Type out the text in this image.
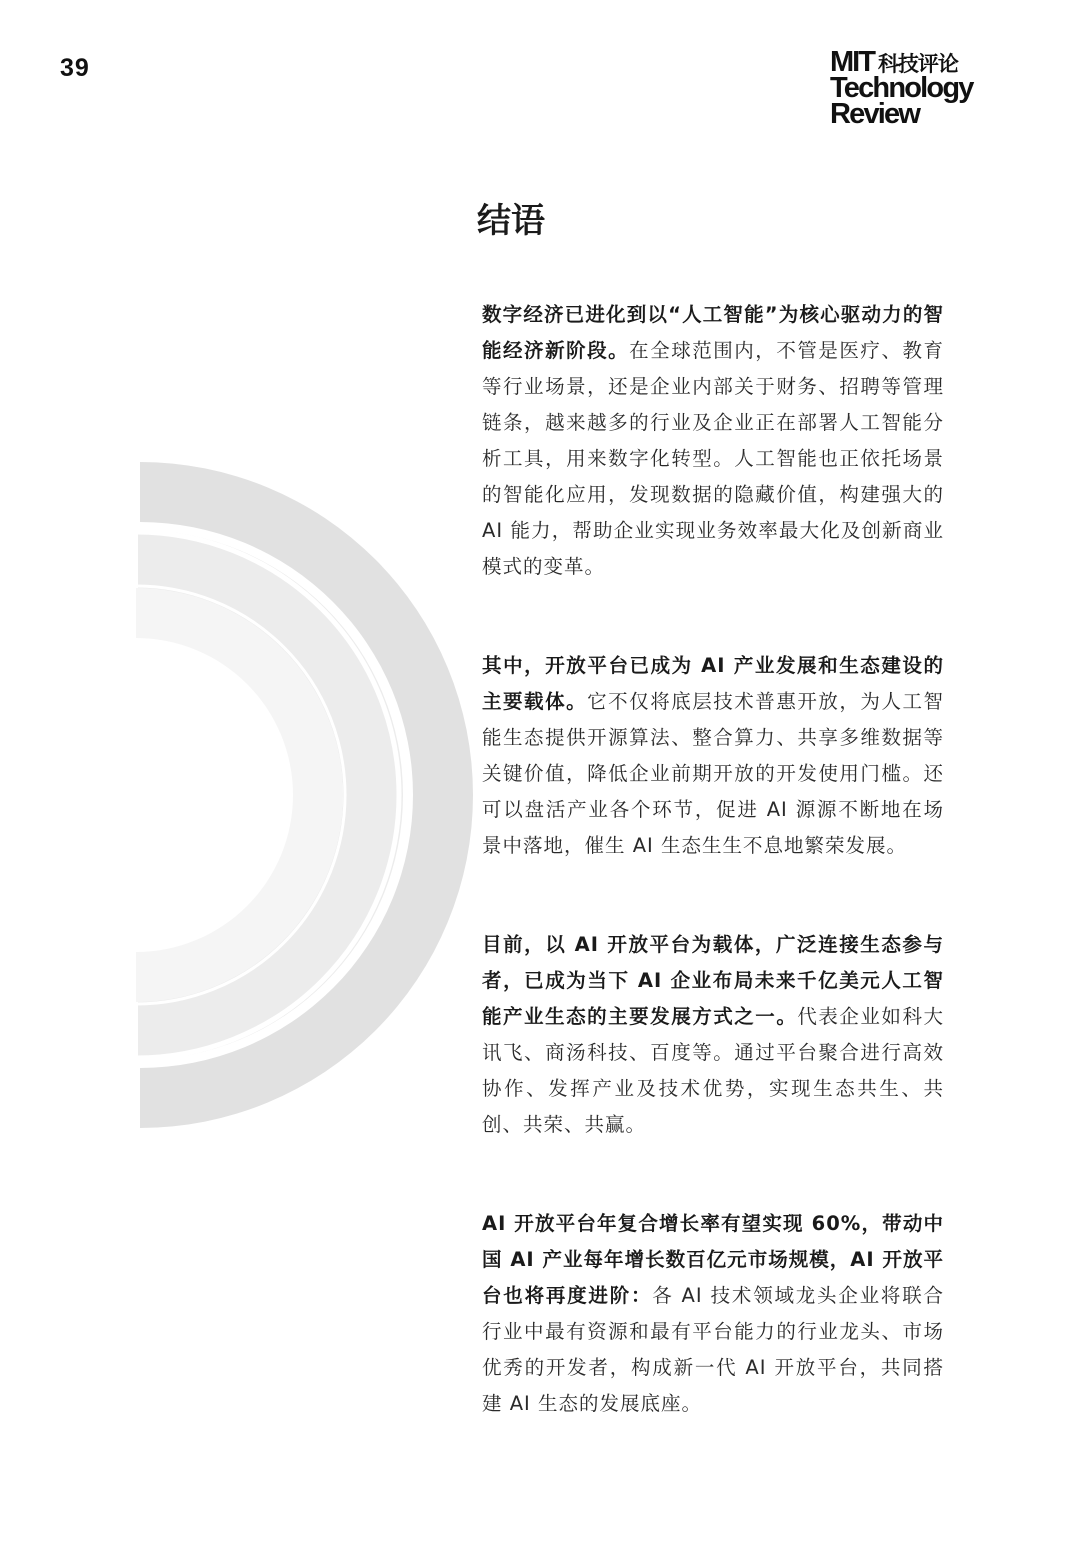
39	MIT 科技评论
Technology
Review
结语

数字经济已进化到以“人工智能”为核心驱动力的智能经济新阶段。在全球范围内，不管是医疗、教育等行业场景，还是企业内部关于财务、招聘等管理链条，越来越多的行业及企业正在部署人工智能分析工具，用来数字化转型。人工智能也正依托场景的智能化应用，发现数据的隐藏价值，构建强大的 AI 能力，帮助企业实现业务效率最大化及创新商业模式的变革。

其中，开放平台已成为 AI 产业发展和生态建设的主要载体。它不仅将底层技术普惠开放，为人工智能生态提供开源算法、整合算力、共享多维数据等关键价值，降低企业前期开放的开发使用门槛。还可以盘活产业各个环节，促进 AI 源源不断地在场景中落地，催生 AI 生态生生不息地繁荣发展。

目前，以 AI 开放平台为载体，广泛连接生态参与者，已成为当下 AI 企业布局未来千亿美元人工智能产业生态的主要发展方式之一。代表企业如科大讯飞、商汤科技、百度等。通过平台聚合进行高效协作、发挥产业及技术优势，实现生态共生、共创、共荣、共赢。

AI 开放平台年复合增长率有望实现 60%，带动中国 AI 产业每年增长数百亿元市场规模，AI 开放平台也将再度进阶：各 AI 技术领域龙头企业将联合行业中最有资源和最有平台能力的行业龙头、市场优秀的开发者，构成新一代 AI 开放平台，共同搭建 AI 生态的发展底座。
